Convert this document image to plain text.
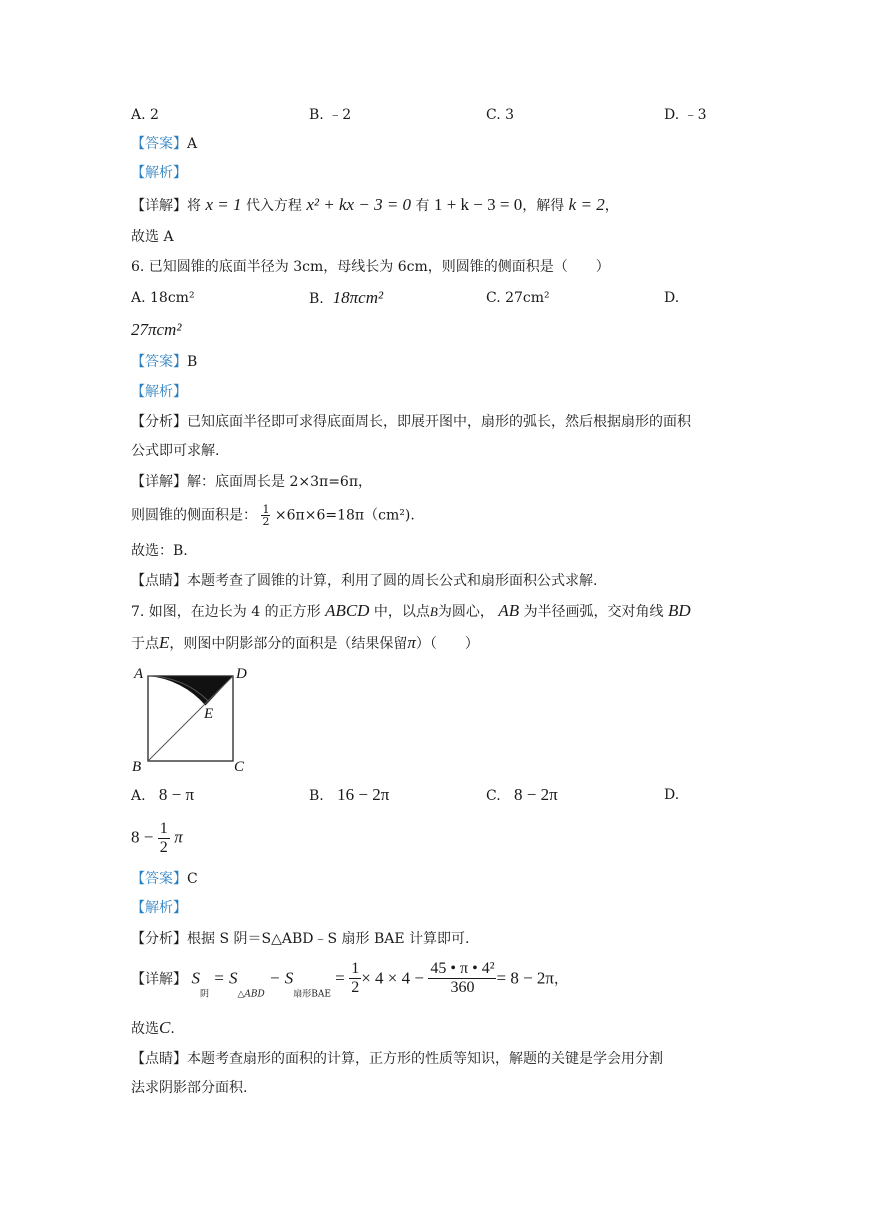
A. 2	B. ﹣2	C. 3	D. ﹣3
【答案】A
【解析】
【详解】将 x = 1 代入方程 x² + kx − 3 = 0 有 1 + k − 3 = 0，解得 k = 2，
故选 A
6. 已知圆锥的底面半径为 3cm，母线长为 6cm，则圆锥的侧面积是（　　）
A. 18cm²	B. 18πcm²	C. 27cm²	D.
27πcm²
【答案】B
【解析】
【分析】已知底面半径即可求得底面周长，即展开图中，扇形的弧长，然后根据扇形的面积
公式即可求解.
【详解】解：底面周长是 2×3π=6π，
则圆锥的侧面积是： $\frac{1}{2} \times 6\pi\times 6=18\pi(cm^2)$.
故选：B.
【点睛】本题考查了圆锥的计算，利用了圆的周长公式和扇形面积公式求解.
7. 如图，在边长为 4 的正方形 ABCD 中，以点B为圆心， AB 为半径画弧，交对角线 BD
于点E，则图中阴影部分的面积是（结果保留π）（　　）
A	D
E
B	C
A. 8 − π	B. 16 − 2π	C. 8 − 2π	D.
$8 - \frac{1}{2}$ π
【答案】C
【解析】
【分析】根据 S 阴＝S△ABD﹣S 扇形 BAE 计算即可.
【详解】 $S_阴 = S_{\triangle ABD} - S_{扇形BAE} = \frac{1}{2} \times 4 \times 4 - \frac{\text{45 • π • 4²}}{360} = 8 - 2\pi$，
故选C.
【点睛】本题考查扇形的面积的计算，正方形的性质等知识，解题的关键是学会用分割
法求阴影部分面积.
